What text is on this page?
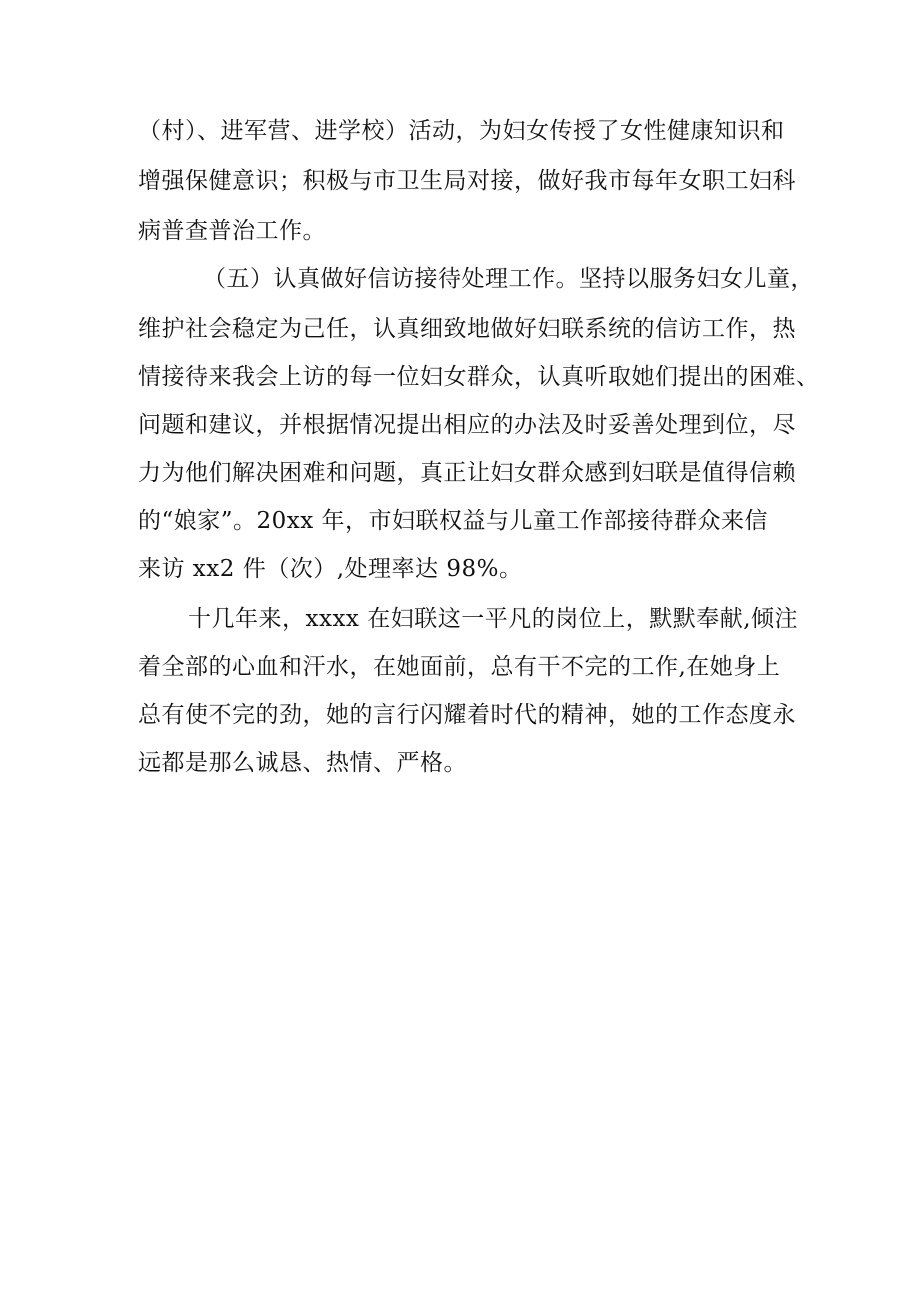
（村）、进军营、进学校）活动，为妇女传授了女性健康知识和
增强保健意识；积极与市卫生局对接，做好我市每年女职工妇科
病普查普治工作。
（五）认真做好信访接待处理工作。坚持以服务妇女儿童，
维护社会稳定为己任，认真细致地做好妇联系统的信访工作，热
情接待来我会上访的每一位妇女群众，认真听取她们提出的困难、
问题和建议，并根据情况提出相应的办法及时妥善处理到位，尽
力为他们解决困难和问题，真正让妇女群众感到妇联是值得信赖
的“娘家”。20xx 年，市妇联权益与儿童工作部接待群众来信
来访 xx2 件（次）,处理率达 98%。
十几年来，xxxx 在妇联这一平凡的岗位上，默默奉献,倾注
着全部的心血和汗水，在她面前，总有干不完的工作,在她身上
总有使不完的劲，她的言行闪耀着时代的精神，她的工作态度永
远都是那么诚恳、热情、严格。
